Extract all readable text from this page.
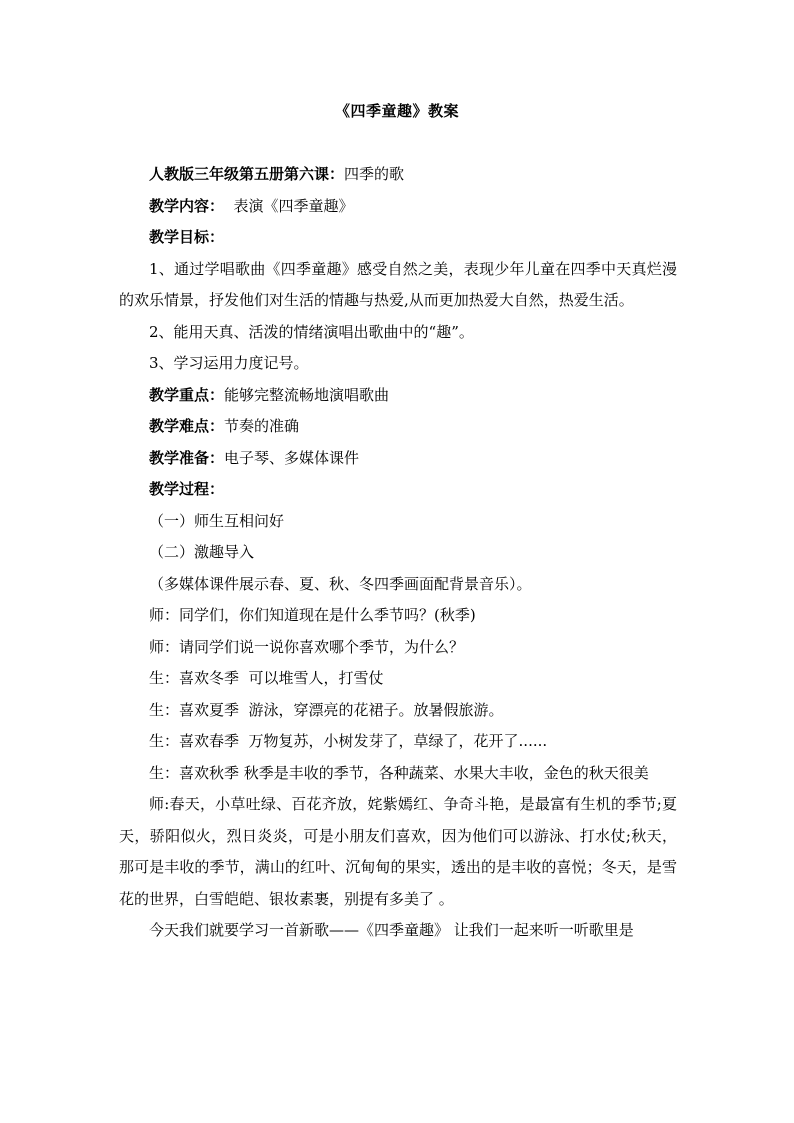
《四季童趣》教案

人教版三年级第五册第六课：四季的歌

教学内容：  表演《四季童趣》

教学目标：

1、通过学唱歌曲《四季童趣》感受自然之美，表现少年儿童在四季中天真烂漫的欢乐情景，抒发他们对生活的情趣与热爱,从而更加热爱大自然，热爱生活。

2、能用天真、活泼的情绪演唱出歌曲中的“趣”。

3、学习运用力度记号。

教学重点：能够完整流畅地演唱歌曲

教学难点：节奏的准确

教学准备：电子琴、多媒体课件

教学过程：

（一）师生互相问好

（二）激趣导入

（多媒体课件展示春、夏、秋、冬四季画面配背景音乐）。

师：同学们，你们知道现在是什么季节吗？(秋季)

师：请同学们说一说你喜欢哪个季节，为什么？

生：喜欢冬季  可以堆雪人，打雪仗

生：喜欢夏季  游泳，穿漂亮的花裙子。放暑假旅游。

生：喜欢春季  万物复苏，小树发芽了，草绿了，花开了......

生：喜欢秋季 秋季是丰收的季节，各种蔬菜、水果大丰收，金色的秋天很美

师:春天，小草吐绿、百花齐放，姹紫嫣红、争奇斗艳，是最富有生机的季节;夏天，骄阳似火，烈日炎炎，可是小朋友们喜欢，因为他们可以游泳、打水仗;秋天，那可是丰收的季节，满山的红叶、沉甸甸的果实，透出的是丰收的喜悦；冬天，是雪花的世界，白雪皑皑、银妆素裹，别提有多美了 。

今天我们就要学习一首新歌——《四季童趣》 让我们一起来听一听歌里是
